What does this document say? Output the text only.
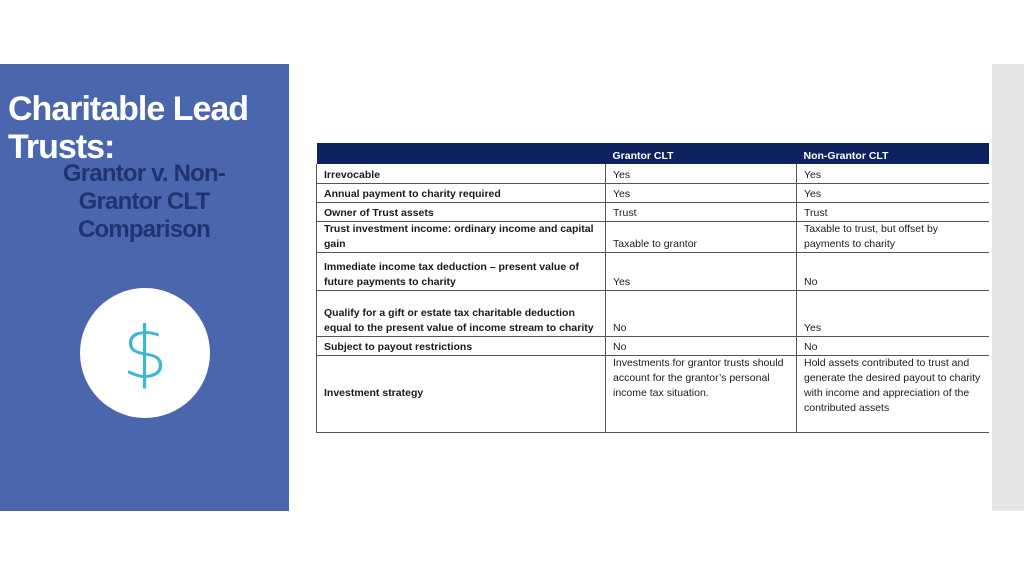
Charitable Lead Trusts:
Grantor v. Non-Grantor CLT Comparison
$
	Grantor CLT	Non-Grantor CLT
Irrevocable	Yes	Yes
Annual payment to charity required	Yes	Yes
Owner of Trust assets	Trust	Trust
Trust investment income: ordinary income and capital gain	Taxable to grantor	Taxable to trust, but offset by payments to charity
Immediate income tax deduction – present value of future payments to charity	Yes	No
Qualify for a gift or estate tax charitable deduction equal to the present value of income stream to charity	No	Yes
Subject to payout restrictions	No	No
Investment strategy	Investments for grantor trusts should account for the grantor’s personal income tax situation.	Hold assets contributed to trust and generate the desired payout to charity with income and appreciation of the contributed assets
